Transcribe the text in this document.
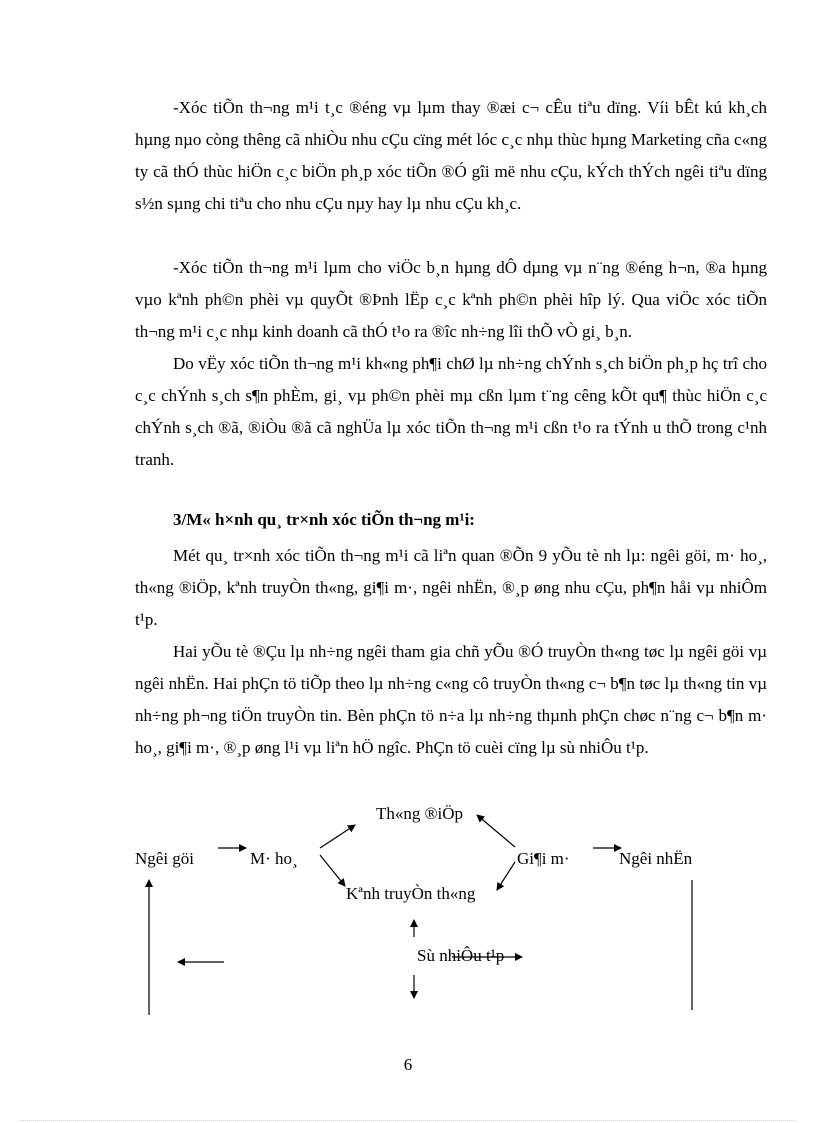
-Xóc tiÕn th¬ng m¹i t¸c ®éng vµ lµm thay ®æi c¬ cÊu tiªu dïng. Víi bÊt kú kh¸ch hµng nµo còng thêng cã nhiÒu nhu cÇu cïng mét lóc c¸c nhµ thùc hµng Marketing cña c«ng ty cã thÓ thùc hiÖn c¸c biÖn ph¸p xóc tiÕn ®Ó gîi më nhu cÇu, kÝch thÝch ngêi tiªu dïng s½n sµng chi tiªu cho nhu cÇu nµy hay lµ nhu cÇu kh¸c.

-Xóc tiÕn th¬ng m¹i lµm cho viÖc b¸n hµng dÔ dµng vµ n¨ng ®éng h¬n, ®a hµng vµo kªnh ph©n phèi vµ quyÕt ®Þnh lËp c¸c kªnh ph©n phèi hîp lý. Qua viÖc xóc tiÕn th¬ng m¹i c¸c nhµ kinh doanh cã thÓ t¹o ra ®îc nh÷ng lîi thÕ vÒ gi¸ b¸n.

Do vËy xóc tiÕn th¬ng m¹i kh«ng ph¶i chØ lµ nh÷ng chÝnh s¸ch biÖn ph¸p hç trî cho c¸c chÝnh s¸ch s¶n phÈm, gi¸ vµ ph©n phèi mµ cßn lµm t¨ng cêng kÕt qu¶ thùc hiÖn c¸c chÝnh s¸ch ®ã, ®iÒu ®ã cã nghÜa lµ xóc tiÕn th¬ng m¹i cßn t¹o ra tÝnh u thÕ trong c¹nh tranh.

3/M« h×nh qu¸ tr×nh xóc tiÕn th¬ng m¹i:

Mét qu¸ tr×nh xóc tiÕn th¬ng m¹i cã liªn quan ®Õn 9 yÕu tè nh lµ: ngêi göi, m· ho¸, th«ng ®iÖp, kªnh truyÒn th«ng, gi¶i m·, ngêi nhËn, ®¸p øng nhu cÇu, ph¶n håi vµ nhiÔm t¹p.

Hai yÕu tè ®Çu lµ nh÷ng ngêi tham gia chñ yÕu ®Ó truyÒn th«ng tøc lµ ngêi göi vµ ngêi nhËn. Hai phÇn tö tiÕp theo lµ nh÷ng c«ng cô truyÒn th«ng c¬ b¶n tøc lµ th«ng tin vµ nh÷ng ph¬ng tiÖn truyÒn tin. Bèn phÇn tö n÷a lµ nh÷ng thµnh phÇn chøc n¨ng c¬ b¶n m· ho¸, gi¶i m·, ®¸p øng l¹i vµ liªn hÖ ngîc. PhÇn tö cuèi cïng lµ sù nhiÔu t¹p.

Ngêi göi	M· ho¸
Th«ng ®iÖp
Kªnh truyÒn th«ng
Gi¶i m·	Ngêi nhËn
Sù nhiÔu t¹p
6
